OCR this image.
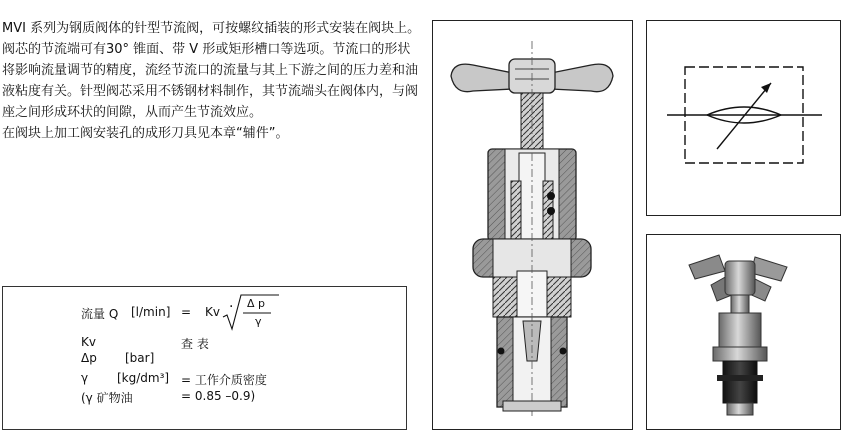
MVI 系列为钢质阀体的针型节流阀，可按螺纹插装的形式安装在阀块上。阀芯的节流端可有30° 锥面、带 V 形或矩形槽口等选项。节流口的形状将影响流量调节的精度，流经节流口的流量与其上下游之间的压力差和油液粘度有关。针型阀芯采用不锈钢材料制作，其节流端头在阀体内，与阀座之间形成环状的间隙，从而产生节流效应。

在阀块上加工阀安装孔的成形刀具见本章“辅件”。

流量 Q [l/min] = Kv · Δ p
γ
Kv	查 表
Δp [bar]
γ [kg/dm³] = 工作介质密度
(γ 矿物油	= 0.85 –0.9)
